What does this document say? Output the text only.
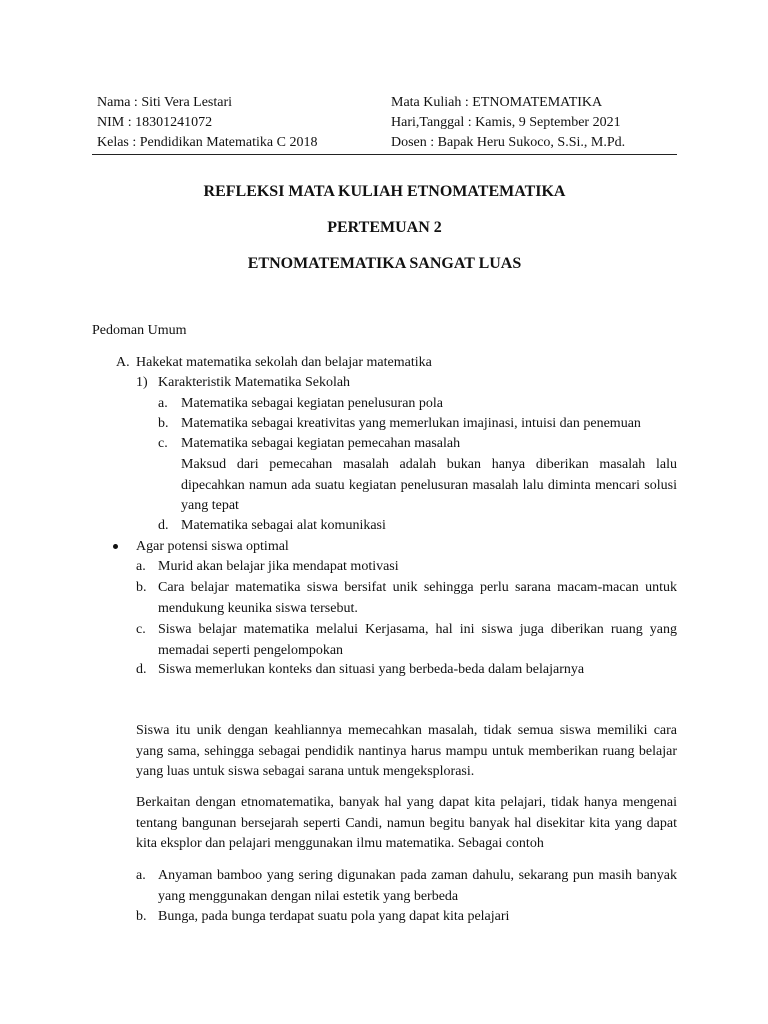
Nama : Siti Vera Lestari
NIM : 18301241072
Kelas : Pendidikan Matematika C 2018
Mata Kuliah : ETNOMATEMATIKA
Hari,Tanggal : Kamis, 9 September 2021
Dosen : Bapak Heru Sukoco, S.Si., M.Pd.
REFLEKSI MATA KULIAH ETNOMATEMATIKA
PERTEMUAN 2
ETNOMATEMATIKA SANGAT LUAS
Pedoman Umum
A. Hakekat matematika sekolah dan belajar matematika
1) Karakteristik Matematika Sekolah
a. Matematika sebagai kegiatan penelusuran pola
b. Matematika sebagai kreativitas yang memerlukan imajinasi, intuisi dan penemuan
c. Matematika sebagai kegiatan pemecahan masalah
Maksud dari pemecahan masalah adalah bukan hanya diberikan masalah lalu dipecahkan namun ada suatu kegiatan penelusuran masalah lalu diminta mencari solusi yang tepat
d. Matematika sebagai alat komunikasi
Agar potensi siswa optimal
a. Murid akan belajar jika mendapat motivasi
b. Cara belajar matematika siswa bersifat unik sehingga perlu sarana macam-macan untuk mendukung keunika siswa tersebut.
c. Siswa belajar matematika melalui Kerjasama, hal ini siswa juga diberikan ruang yang memadai seperti pengelompokan
d. Siswa memerlukan konteks dan situasi yang berbeda-beda dalam belajarnya
Siswa itu unik dengan keahliannya memecahkan masalah, tidak semua siswa memiliki cara yang sama, sehingga sebagai pendidik nantinya harus mampu untuk memberikan ruang belajar yang luas untuk siswa sebagai sarana untuk mengeksplorasi.
Berkaitan dengan etnomatematika, banyak hal yang dapat kita pelajari, tidak hanya mengenai tentang bangunan bersejarah seperti Candi, namun begitu banyak hal disekitar kita yang dapat kita eksplor dan pelajari menggunakan ilmu matematika. Sebagai contoh
a. Anyaman bamboo yang sering digunakan pada zaman dahulu, sekarang pun masih banyak yang menggunakan dengan nilai estetik yang berbeda
b. Bunga, pada bunga terdapat suatu pola yang dapat kita pelajari
